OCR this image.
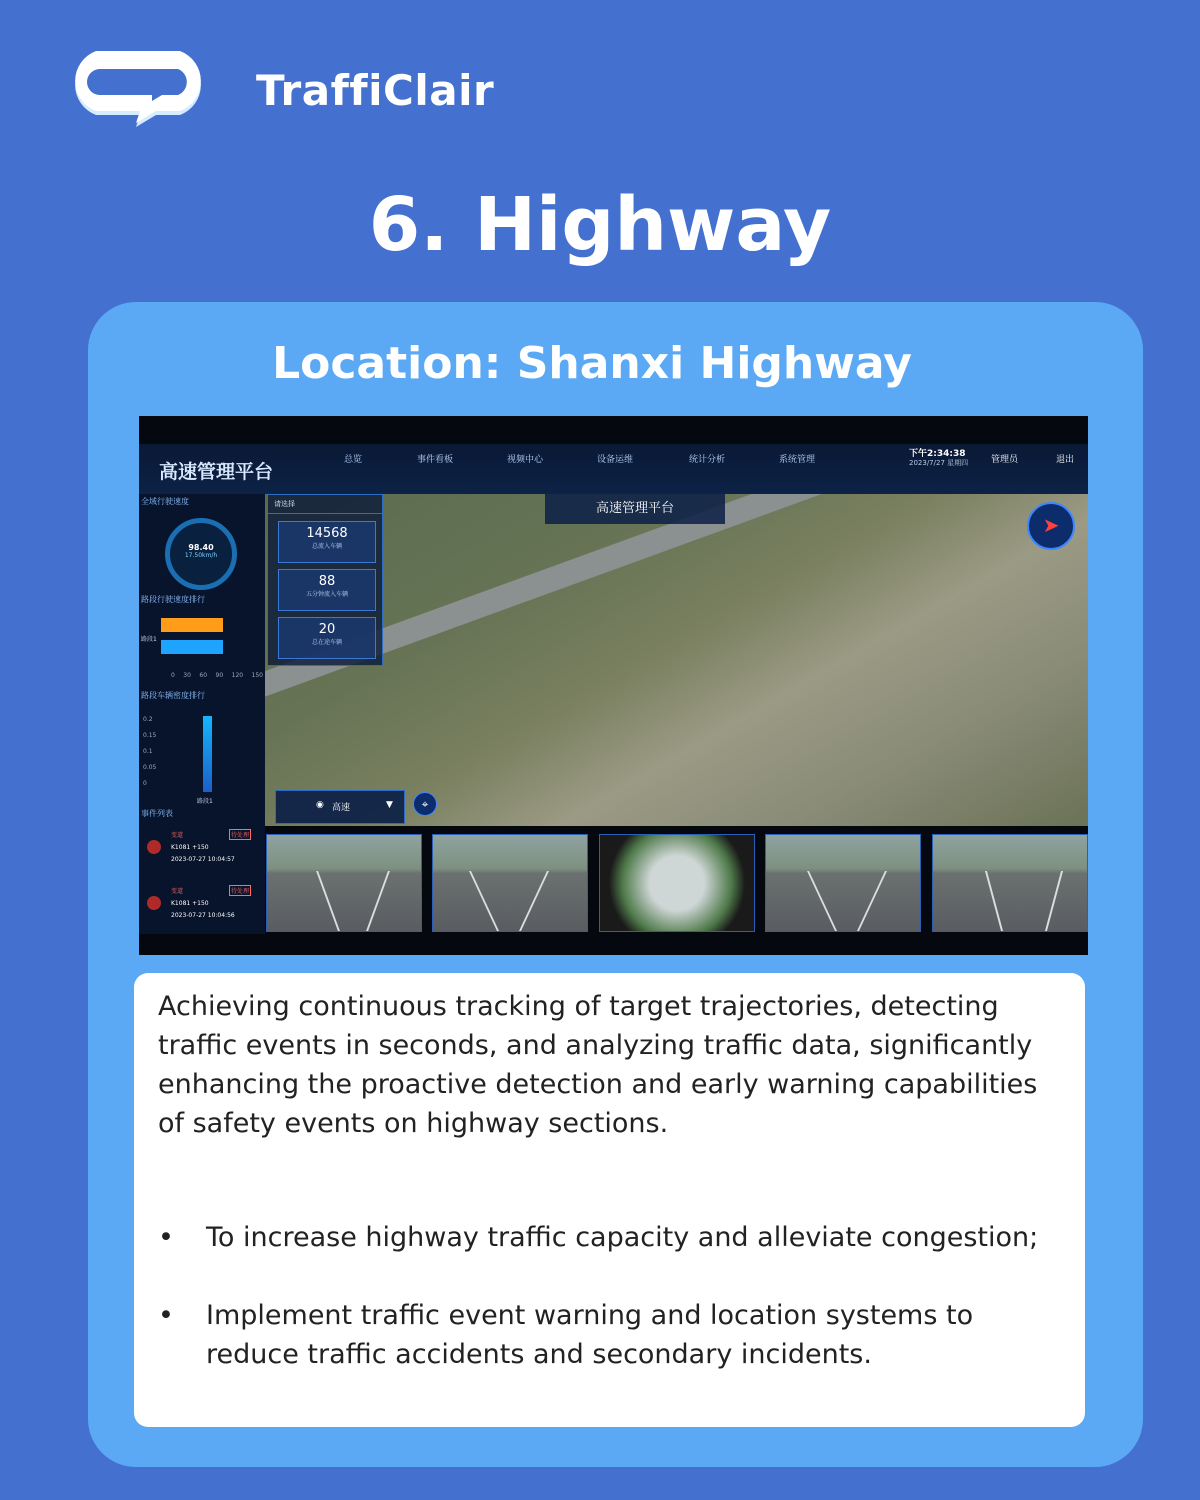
TraffiClair
6. Highway
Location: Shanxi Highway
高速管理平台
总览	事件看板	视频中心	设备运维	统计分析	系统管理
下午2:34:38
2023/7/27 星期四	管理员	退出
全域行驶速度
98.40
17.50km/h
路段行驶速度排行
路段1
0 30 60 90 120 150
路段车辆密度排行
0.2
0.15
0.1
0.05
0
路段1
事件列表
变道	待处理
K1081 +150
2023-07-27 10:04:57
变道	待处理
K1081 +150
2023-07-27 10:04:56
高速管理平台
请选择
14568
总流入车辆
88
五分钟流入车辆
20
总在途车辆
◉ 高速	▼	⌖
➤

Achieving continuous tracking of target trajectories, detecting traffic events in seconds, and analyzing traffic data, significantly enhancing the proactive detection and early warning capabilities of safety events on highway sections.

• To increase highway traffic capacity and alleviate congestion;
• Implement traffic event warning and location systems to reduce traffic accidents and secondary incidents.
